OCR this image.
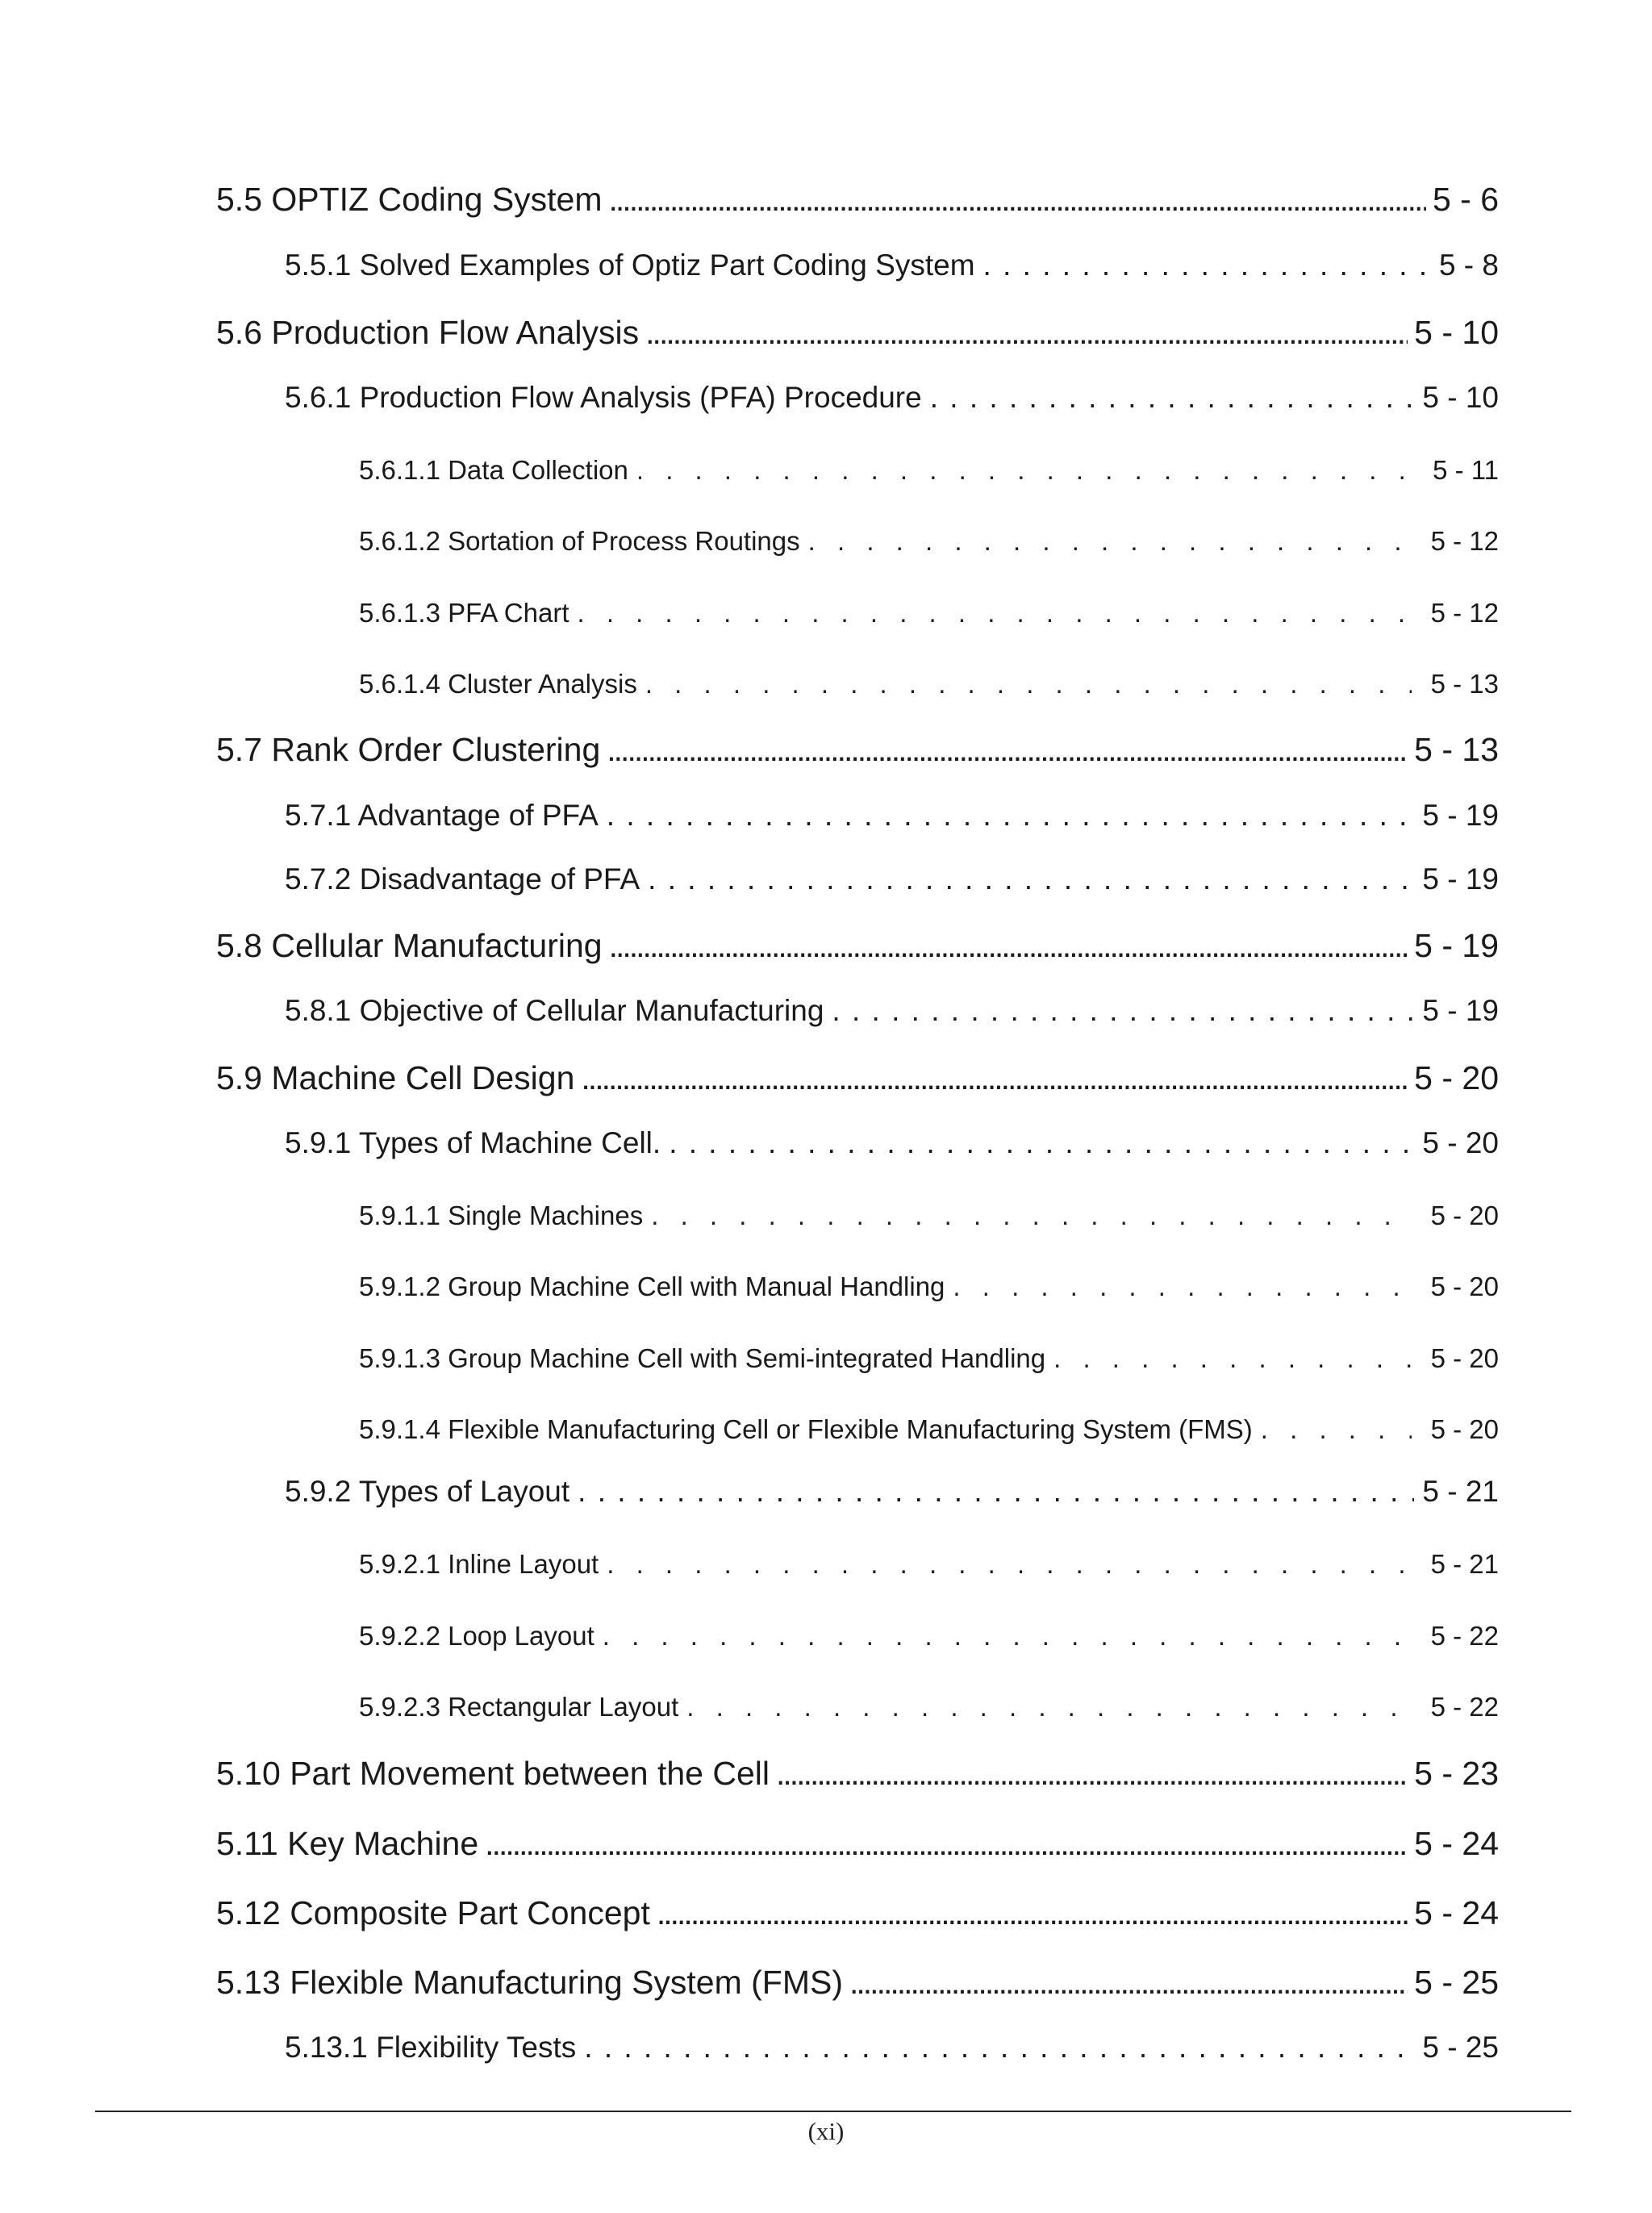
5.5 OPTIZ Coding System .....	5 - 6
5.5.1 Solved Examples of Optiz Part Coding System . . .	5 - 8
5.6 Production Flow Analysis .....	5 - 10
5.6.1 Production Flow Analysis (PFA) Procedure . . .	5 - 10
5.6.1.1 Data Collection . . .	5 - 11
5.6.1.2 Sortation of Process Routings . . .	5 - 12
5.6.1.3 PFA Chart . . .	5 - 12
5.6.1.4 Cluster Analysis . . .	5 - 13
5.7 Rank Order Clustering .....	5 - 13
5.7.1 Advantage of PFA . . .	5 - 19
5.7.2 Disadvantage of PFA . . .	5 - 19
5.8 Cellular Manufacturing .....	5 - 19
5.8.1 Objective of Cellular Manufacturing . . .	5 - 19
5.9 Machine Cell Design .....	5 - 20
5.9.1 Types of Machine Cell. . . .	5 - 20
5.9.1.1 Single Machines . . .	5 - 20
5.9.1.2 Group Machine Cell with Manual Handling . . .	5 - 20
5.9.1.3 Group Machine Cell with Semi-integrated Handling . . .	5 - 20
5.9.1.4 Flexible Manufacturing Cell or Flexible Manufacturing System (FMS) . . .	5 - 20
5.9.2 Types of Layout . . .	5 - 21
5.9.2.1 Inline Layout . . .	5 - 21
5.9.2.2 Loop Layout . . .	5 - 22
5.9.2.3 Rectangular Layout . . .	5 - 22
5.10 Part Movement between the Cell .....	5 - 23
5.11 Key Machine .....	5 - 24
5.12 Composite Part Concept .....	5 - 24
5.13 Flexible Manufacturing System (FMS) .....	5 - 25
5.13.1 Flexibility Tests . . .	5 - 25
(xi)
